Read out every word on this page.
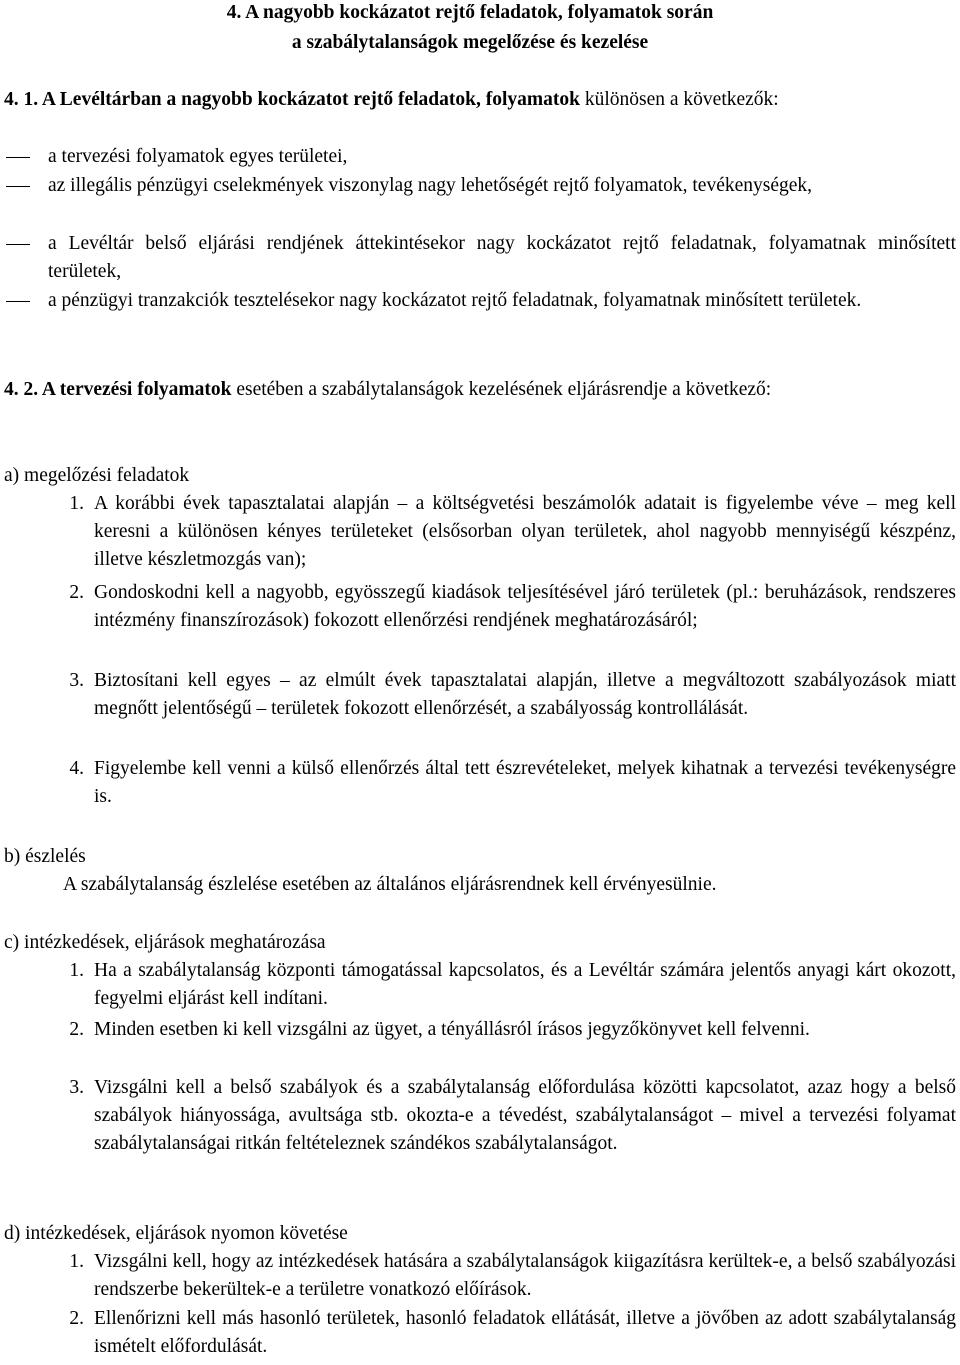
4. A nagyobb kockázatot rejtő feladatok, folyamatok során
a szabálytalanságok megelőzése és kezelése

4. 1. A Levéltárban a nagyobb kockázatot rejtő feladatok, folyamatok különösen a következők:

a tervezési folyamatok egyes területei,
az illegális pénzügyi cselekmények viszonylag nagy lehetőségét rejtő folyamatok, tevékenységek,
a Levéltár belső eljárási rendjének áttekintésekor nagy kockázatot rejtő feladatnak, folyamatnak minősített területek,
a pénzügyi tranzakciók tesztelésekor nagy kockázatot rejtő feladatnak, folyamatnak minősített területek.

4. 2. A tervezési folyamatok esetében a szabálytalanságok kezelésének eljárásrendje a következő:

a) megelőzési feladatok

1. A korábbi évek tapasztalatai alapján – a költségvetési beszámolók adatait is figyelembe véve – meg kell keresni a különösen kényes területeket (elsősorban olyan területek, ahol nagyobb mennyiségű készpénz, illetve készletmozgás van);
2. Gondoskodni kell a nagyobb, egyösszegű kiadások teljesítésével járó területek (pl.: beruházások, rendszeres intézmény finanszírozások) fokozott ellenőrzési rendjének meghatározásáról;
3. Biztosítani kell egyes – az elmúlt évek tapasztalatai alapján, illetve a megváltozott szabályozások miatt megnőtt jelentőségű – területek fokozott ellenőrzését, a szabályosság kontrollálását.
4. Figyelembe kell venni a külső ellenőrzés által tett észrevételeket, melyek kihatnak a tervezési tevékenységre is.

b) észlelés

A szabálytalanság észlelése esetében az általános eljárásrendnek kell érvényesülnie.

c) intézkedések, eljárások meghatározása

1. Ha a szabálytalanság központi támogatással kapcsolatos, és a Levéltár számára jelentős anyagi kárt okozott, fegyelmi eljárást kell indítani.
2. Minden esetben ki kell vizsgálni az ügyet, a tényállásról írásos jegyzőkönyvet kell felvenni.
3. Vizsgálni kell a belső szabályok és a szabálytalanság előfordulása közötti kapcsolatot, azaz hogy a belső szabályok hiányossága, avultsága stb. okozta-e a tévedést, szabálytalanságot – mivel a tervezési folyamat szabálytalanságai ritkán feltételeznek szándékos szabálytalanságot.

d) intézkedések, eljárások nyomon követése

1. Vizsgálni kell, hogy az intézkedések hatására a szabálytalanságok kiigazításra kerültek-e, a belső szabályozási rendszerbe bekerültek-e a területre vonatkozó előírások.
2. Ellenőrizni kell más hasonló területek, hasonló feladatok ellátását, illetve a jövőben az adott szabálytalanság ismételt előfordulását.
